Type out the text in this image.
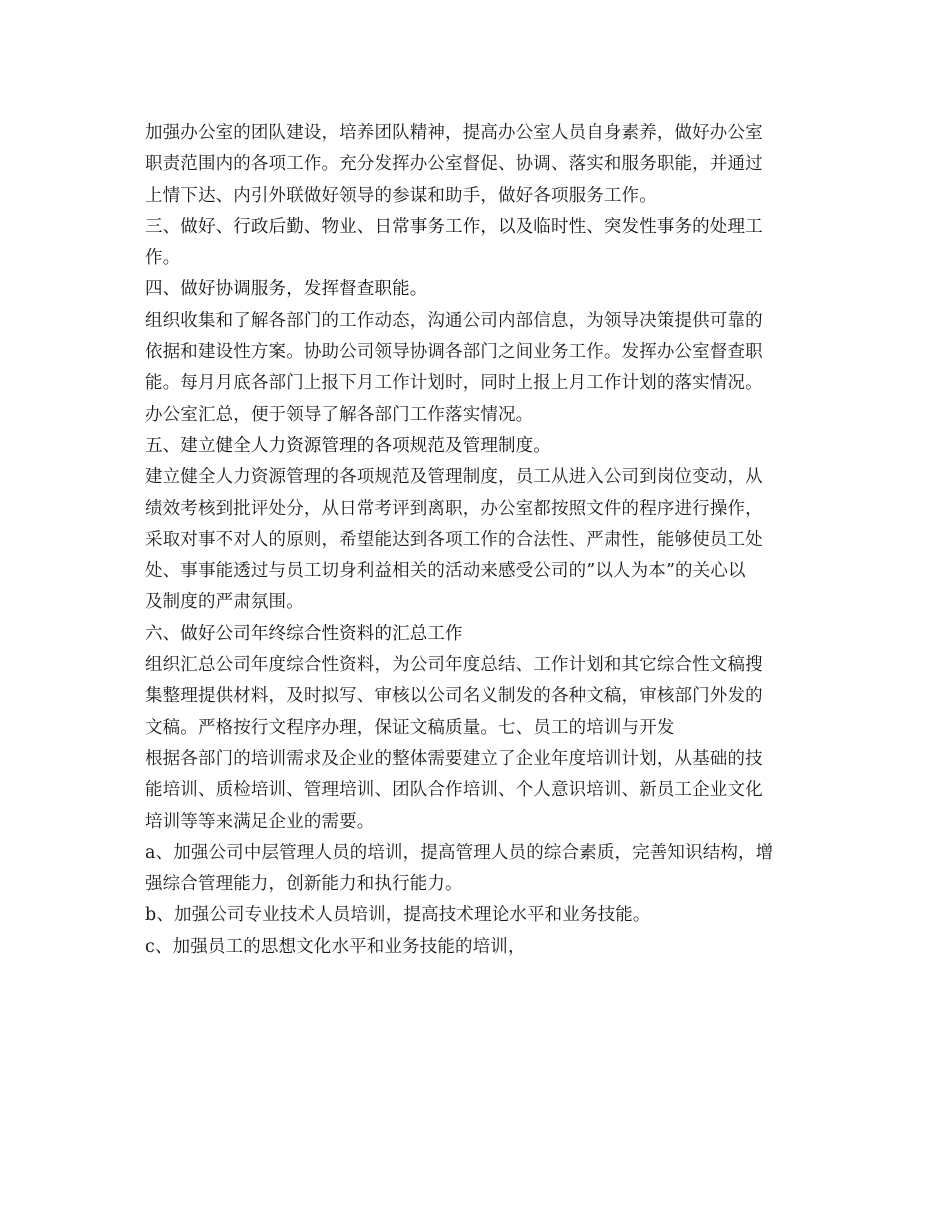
加强办公室的团队建设，培养团队精神，提高办公室人员自身素养，做好办公室
职责范围内的各项工作。充分发挥办公室督促、协调、落实和服务职能，并通过
上情下达、内引外联做好领导的参谋和助手，做好各项服务工作。
三、做好、行政后勤、物业、日常事务工作，以及临时性、突发性事务的处理工
作。
四、做好协调服务，发挥督查职能。
组织收集和了解各部门的工作动态，沟通公司内部信息，为领导决策提供可靠的
依据和建设性方案。协助公司领导协调各部门之间业务工作。发挥办公室督查职
能。每月月底各部门上报下月工作计划时，同时上报上月工作计划的落实情况。
办公室汇总，便于领导了解各部门工作落实情况。
五、建立健全人力资源管理的各项规范及管理制度。
建立健全人力资源管理的各项规范及管理制度，员工从进入公司到岗位变动，从
绩效考核到批评处分，从日常考评到离职，办公室都按照文件的程序进行操作，
采取对事不对人的原则，希望能达到各项工作的合法性、严肃性，能够使员工处
处、事事能透过与员工切身利益相关的活动来感受公司的”以人为本”的关心以
及制度的严肃氛围。
六、做好公司年终综合性资料的汇总工作
组织汇总公司年度综合性资料，为公司年度总结、工作计划和其它综合性文稿搜
集整理提供材料，及时拟写、审核以公司名义制发的各种文稿，审核部门外发的
文稿。严格按行文程序办理，保证文稿质量。七、员工的培训与开发
根据各部门的培训需求及企业的整体需要建立了企业年度培训计划，从基础的技
能培训、质检培训、管理培训、团队合作培训、个人意识培训、新员工企业文化
培训等等来满足企业的需要。
a、加强公司中层管理人员的培训，提高管理人员的综合素质，完善知识结构，增
强综合管理能力，创新能力和执行能力。
b、加强公司专业技术人员培训，提高技术理论水平和业务技能。
c、加强员工的思想文化水平和业务技能的培训，
